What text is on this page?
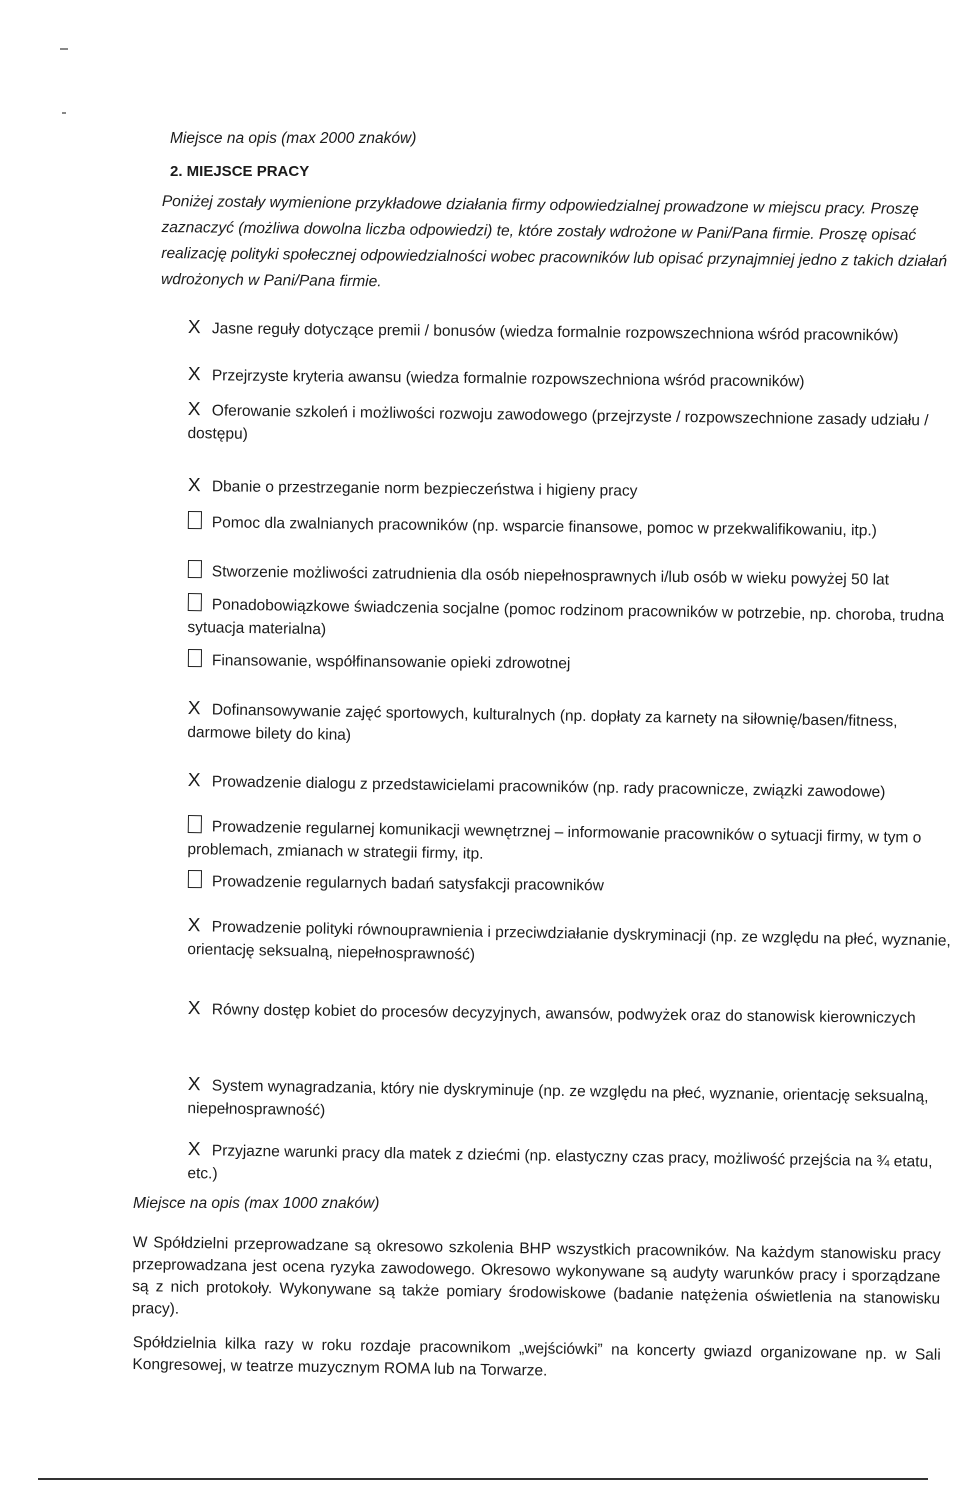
Miejsce na opis (max 2000 znaków)
2. MIEJSCE PRACY
Poniżej zostały wymienione przykładowe działania firmy odpowiedzialnej prowadzone w miejscu pracy. Proszę zaznaczyć (możliwa dowolna liczba odpowiedzi) te, które zostały wdrożone w Pani/Pana firmie. Proszę opisać realizację polityki społecznej odpowiedzialności wobec pracowników lub opisać przynajmniej jedno z takich działań wdrożonych w Pani/Pana firmie.
X Jasne reguły dotyczące premii / bonusów (wiedza formalnie rozpowszechniona wśród pracowników)
X Przejrzyste kryteria awansu (wiedza formalnie rozpowszechniona wśród pracowników)
X Oferowanie szkoleń i możliwości rozwoju zawodowego (przejrzyste / rozpowszechnione zasady udziału / dostępu)
X Dbanie o przestrzeganie norm bezpieczeństwa i higieny pracy
Pomoc dla zwalnianych pracowników (np. wsparcie finansowe, pomoc w przekwalifikowaniu, itp.)
Stworzenie możliwości zatrudnienia dla osób niepełnosprawnych i/lub osób w wieku powyżej 50 lat
Ponadobowiązkowe świadczenia socjalne (pomoc rodzinom pracowników w potrzebie, np. choroba, trudna sytuacja materialna)
Finansowanie, współfinansowanie opieki zdrowotnej
X Dofinansowywanie zajęć sportowych, kulturalnych (np. dopłaty za karnety na siłownię/basen/fitness, darmowe bilety do kina)
X Prowadzenie dialogu z przedstawicielami pracowników (np. rady pracownicze, związki zawodowe)
Prowadzenie regularnej komunikacji wewnętrznej – informowanie pracowników o sytuacji firmy, w tym o problemach, zmianach w strategii firmy, itp.
Prowadzenie regularnych badań satysfakcji pracowników
X Prowadzenie polityki równouprawnienia i przeciwdziałanie dyskryminacji (np. ze względu na płeć, wyznanie, orientację seksualną, niepełnosprawność)
X Równy dostęp kobiet do procesów decyzyjnych, awansów, podwyżek oraz do stanowisk kierowniczych
X System wynagradzania, który nie dyskryminuje (np. ze względu na płeć, wyznanie, orientację seksualną, niepełnosprawność)
X Przyjazne warunki pracy dla matek z dziećmi (np. elastyczny czas pracy, możliwość przejścia na ¾ etatu, etc.)
Miejsce na opis (max 1000 znaków)
W Spółdzielni przeprowadzane są okresowo szkolenia BHP wszystkich pracowników. Na każdym stanowisku pracy przeprowadzana jest ocena ryzyka zawodowego. Okresowo wykonywane są audyty warunków pracy i sporządzane są z nich protokoły. Wykonywane są także pomiary środowiskowe (badanie natężenia oświetlenia na stanowisku pracy).
Spółdzielnia kilka razy w roku rozdaje pracownikom „wejściówki” na koncerty gwiazd organizowane np. w Sali Kongresowej, w teatrze muzycznym ROMA lub na Torwarze.
